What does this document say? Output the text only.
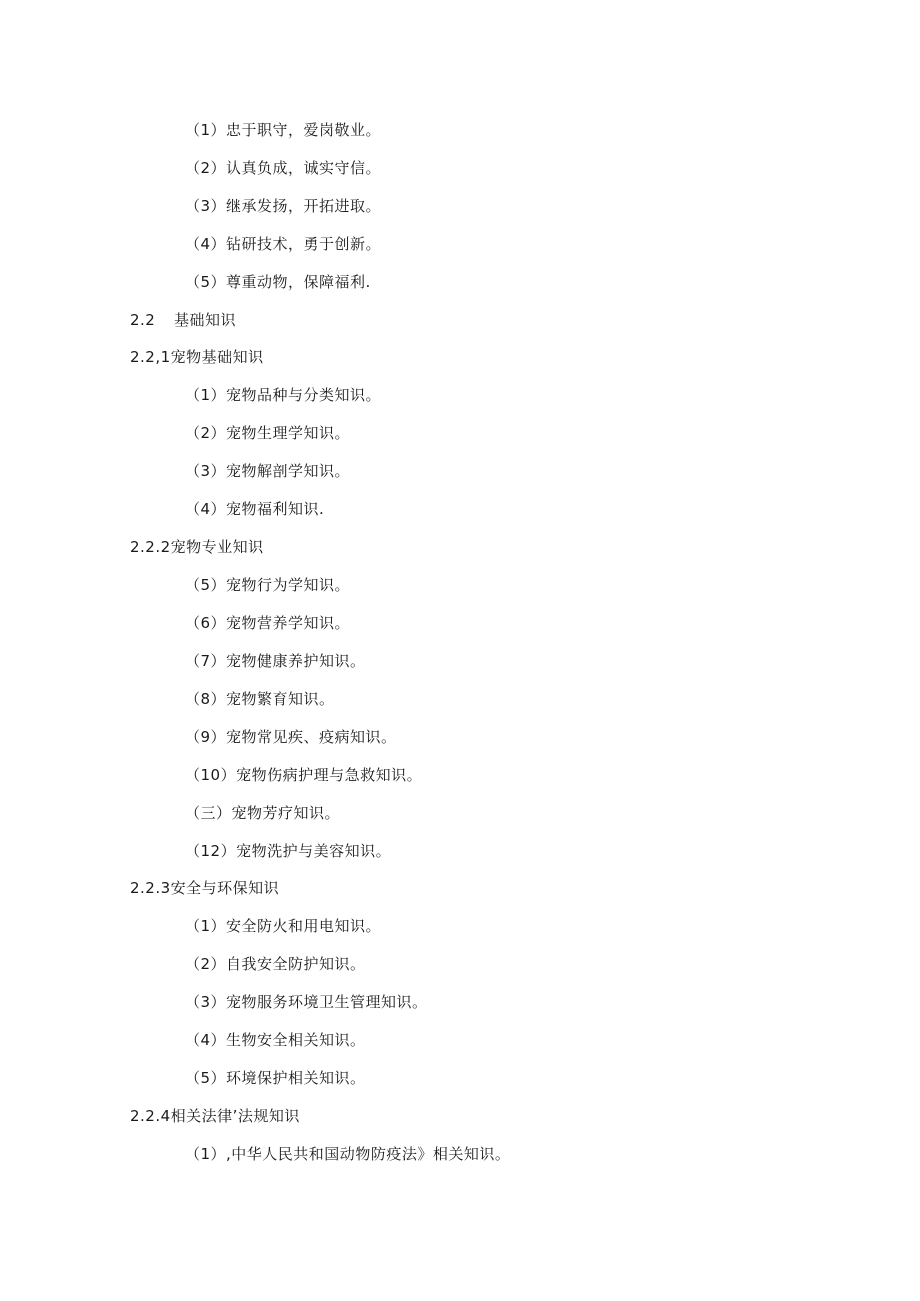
（1）忠于职守，爱岗敬业。
（2）认真负成，诚实守信。
（3）继承发扬，开拓进取。
（4）钻研技术，勇于创新。
（5）尊重动物，保障福利.
2.2 基础知识
2.2,1宠物基础知识
（1）宠物品种与分类知识。
（2）宠物生理学知识。
（3）宠物解剖学知识。
（4）宠物福利知识.
2.2.2宠物专业知识
（5）宠物行为学知识。
（6）宠物营养学知识。
（7）宠物健康养护知识。
（8）宠物繁育知识。
（9）宠物常见疾、疫病知识。
（10）宠物伤病护理与急救知识。
（三）宠物芳疗知识。
（12）宠物洗护与美容知识。
2.2.3安全与环保知识
（1）安全防火和用电知识。
（2）自我安全防护知识。
（3）宠物服务环境卫生管理知识。
（4）生物安全相关知识。
（5）环境保护相关知识。
2.2.4相关法律’法规知识
（1）,中华人民共和国动物防疫法》相关知识。
